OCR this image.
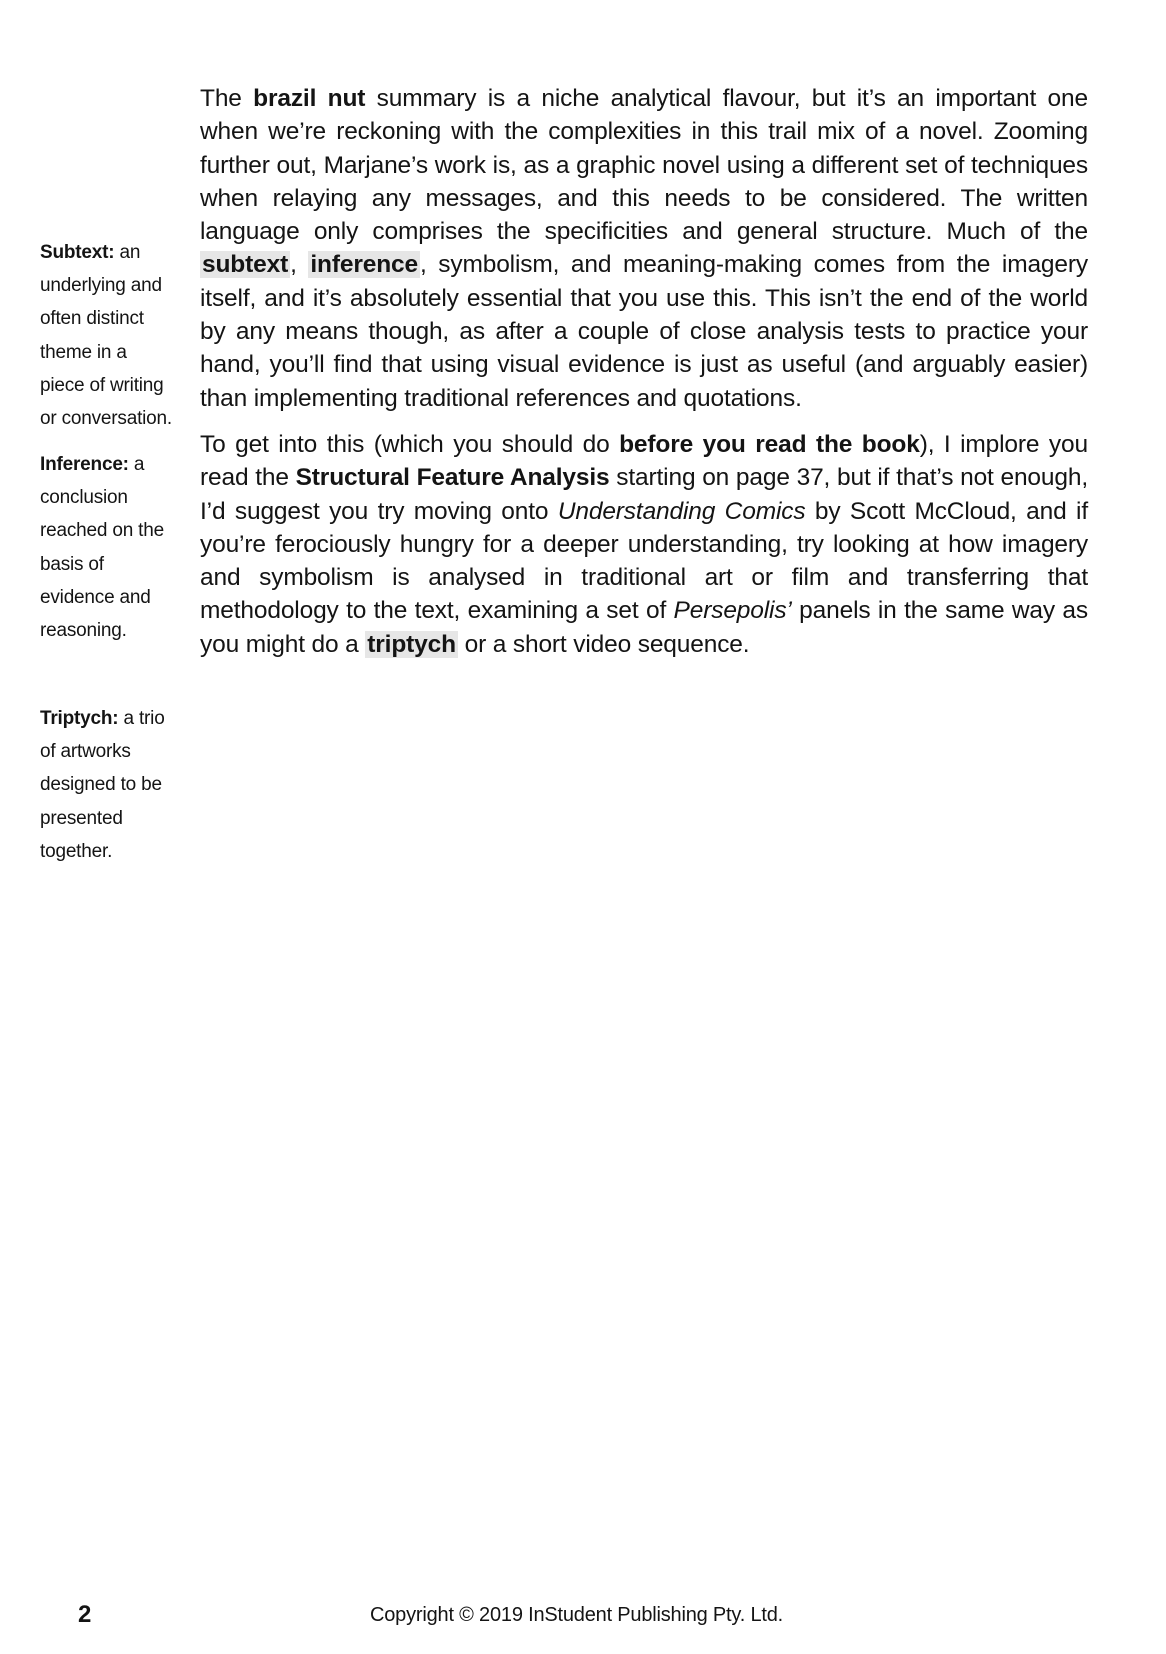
Subtext: an
underlying and
often distinct
theme in a
piece of writing
or conversation.
Inference: a
conclusion
reached on the
basis of
evidence and
reasoning.
Triptych: a trio
of artworks
designed to be
presented
together.

The brazil nut summary is a niche analytical flavour, but it’s an important one when we’re reckoning with the complexities in this trail mix of a novel. Zooming further out, Marjane’s work is, as a graphic novel using a different set of techniques when relaying any messages, and this needs to be considered. The written language only comprises the specificities and general structure. Much of the subtext, inference, symbolism, and meaning-making comes from the imagery itself, and it’s absolutely essential that you use this. This isn’t the end of the world by any means though, as after a couple of close analysis tests to practice your hand, you’ll find that using visual evidence is just as useful (and arguably easier) than implementing traditional references and quotations.

To get into this (which you should do before you read the book), I implore you read the Structural Feature Analysis starting on page 37, but if that’s not enough, I’d suggest you try moving onto Understanding Comics by Scott McCloud, and if you’re ferociously hungry for a deeper understanding, try looking at how imagery and symbolism is analysed in traditional art or film and transferring that methodology to the text, examining a set of Persepolis’ panels in the same way as you might do a triptych or a short video sequence.

2	Copyright © 2019 InStudent Publishing Pty. Ltd.
